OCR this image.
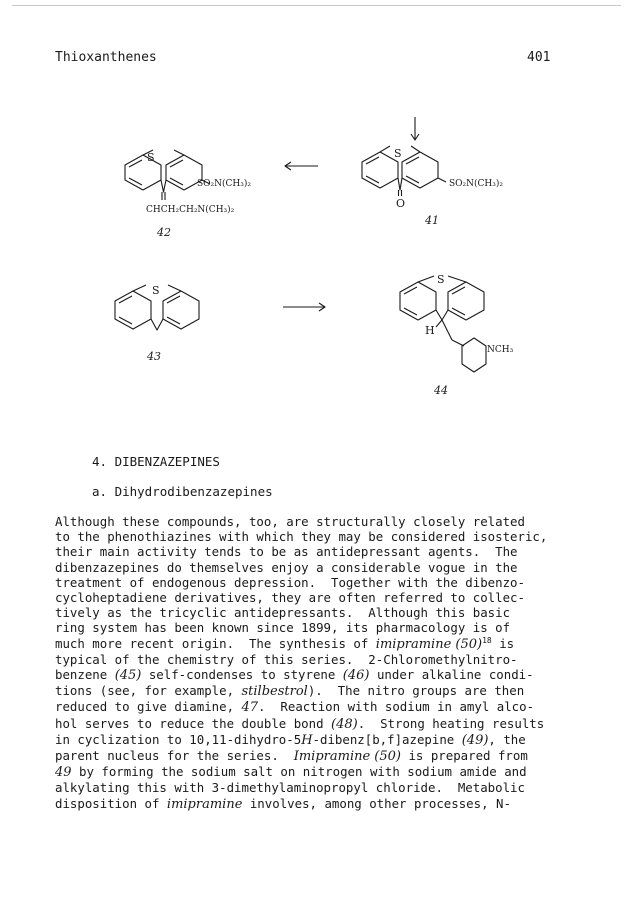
Thioxanthenes	401
S
SO₂N(CH₃)₂
CHCH₂CH₂N(CH₃)₂
42
S
SO₂N(CH₃)₂
O
41
S
43
S
H
NCH₃
44
4. DIBENZAZEPINES
a. Dihydrodibenzazepines
Although these compounds, too, are structurally closely related
to the phenothiazines with which they may be considered isosteric,
their main activity tends to be as antidepressant agents.  The
dibenzazepines do themselves enjoy a considerable vogue in the
treatment of endogenous depression.  Together with the dibenzo-
cycloheptadiene derivatives, they are often referred to collec-
tively as the tricyclic antidepressants.  Although this basic
ring system has been known since 1899, its pharmacology is of
much more recent origin.  The synthesis of imipramine $(50)^{18}$ is
typical of the chemistry of this series.  2-Chloromethylnitro-
benzene (45) self-condenses to styrene (46) under alkaline condi-
tions (see, for example, stilbestrol).  The nitro groups are then
reduced to give diamine, 47.  Reaction with sodium in amyl alco-
hol serves to reduce the double bond (48).  Strong heating results
in cyclization to 10,11-dihydro-5H-dibenz[b,f]azepine (49), the
parent nucleus for the series.  Imipramine (50) is prepared from
49 by forming the sodium salt on nitrogen with sodium amide and
alkylating this with 3-dimethylaminopropyl chloride.  Metabolic
disposition of imipramine involves, among other processes, N-
